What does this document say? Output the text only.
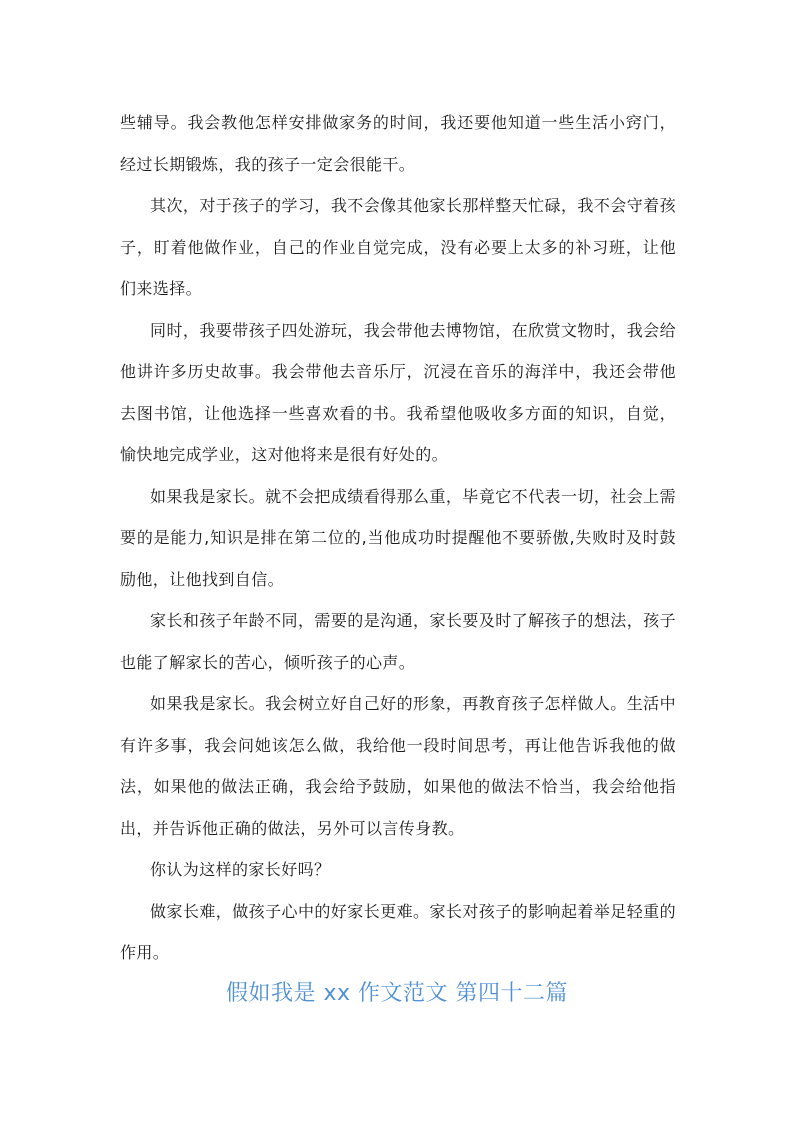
些辅导。我会教他怎样安排做家务的时间，我还要他知道一些生活小窍门，经过长期锻炼，我的孩子一定会很能干。

其次，对于孩子的学习，我不会像其他家长那样整天忙碌，我不会守着孩子，盯着他做作业，自己的作业自觉完成，没有必要上太多的补习班，让他们来选择。

同时，我要带孩子四处游玩，我会带他去博物馆，在欣赏文物时，我会给他讲许多历史故事。我会带他去音乐厅，沉浸在音乐的海洋中，我还会带他去图书馆，让他选择一些喜欢看的书。我希望他吸收多方面的知识，自觉，愉快地完成学业，这对他将来是很有好处的。

如果我是家长。就不会把成绩看得那么重，毕竟它不代表一切，社会上需要的是能力,知识是排在第二位的,当他成功时提醒他不要骄傲,失败时及时鼓励他，让他找到自信。

家长和孩子年龄不同，需要的是沟通，家长要及时了解孩子的想法，孩子也能了解家长的苦心，倾听孩子的心声。

如果我是家长。我会树立好自己好的形象，再教育孩子怎样做人。生活中有许多事，我会问她该怎么做，我给他一段时间思考，再让他告诉我他的做法，如果他的做法正确，我会给予鼓励，如果他的做法不恰当，我会给他指出，并告诉他正确的做法，另外可以言传身教。

你认为这样的家长好吗？

做家长难，做孩子心中的好家长更难。家长对孩子的影响起着举足轻重的作用。

假如我是 xx 作文范文 第四十二篇
